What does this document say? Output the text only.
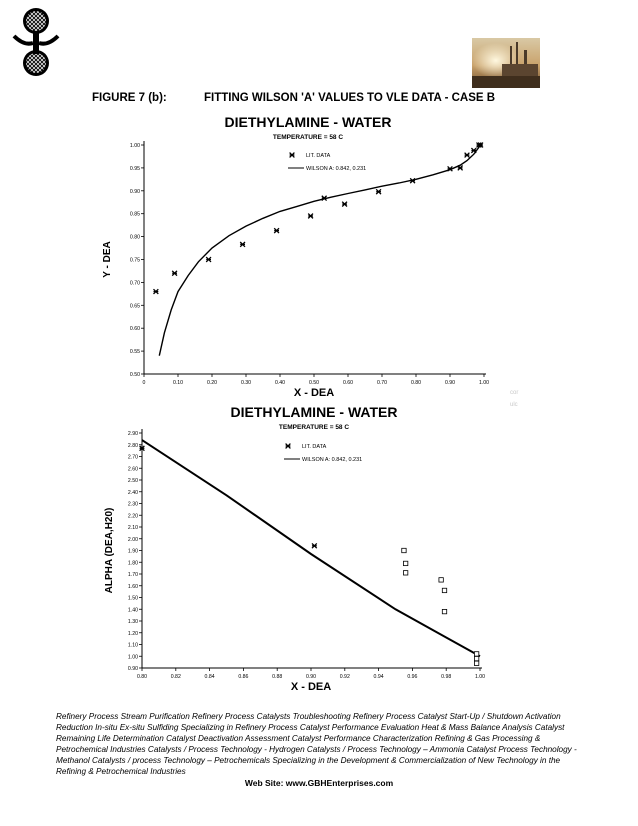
FIGURE 7 (b):	FITTING WILSON 'A' VALUES TO VLE DATA - CASE B
DIETHYLAMINE - WATER
TEMPERATURE = 58 C
0.50
0.55
0.60
0.65
0.70
0.75
0.80
0.85
0.90
0.95
1.00
0	0.10	0.20	0.30	0.40	0.50	0.60	0.70	0.80	0.90	1.00
X - DEA
Y - DEA
LIT. DATA
WILSON A: 0.842, 0.231
DIETHYLAMINE - WATER
TEMPERATURE = 58 C
0.90
1.00
1.10
1.20
1.30
1.40
1.50
1.60
1.70
1.80
1.90
2.00
2.10
2.20
2.30
2.40
2.50
2.60
2.70
2.80
2.90
0.80	0.82	0.84	0.86	0.88	0.90	0.92	0.94	0.96	0.98	1.00
X - DEA
ALPHA (DEA,H20)
LIT. DATA
WILSON A: 0.842, 0.231
cor
ulc
Refinery Process Stream Purification Refinery Process Catalysts Troubleshooting Refinery Process Catalyst Start-Up / Shutdown Activation Reduction In-situ Ex-situ Sulfiding Specializing in Refinery Process Catalyst Performance Evaluation Heat & Mass Balance Analysis Catalyst Remaining Life Determination Catalyst Deactivation Assessment Catalyst Performance Characterization Refining & Gas Processing & Petrochemical Industries Catalysts / Process Technology - Hydrogen Catalysts / Process Technology – Ammonia Catalyst Process Technology - Methanol Catalysts / process Technology – Petrochemicals Specializing in the Development & Commercialization of New Technology in the Refining & Petrochemical Industries
Web Site: www.GBHEnterprises.com
